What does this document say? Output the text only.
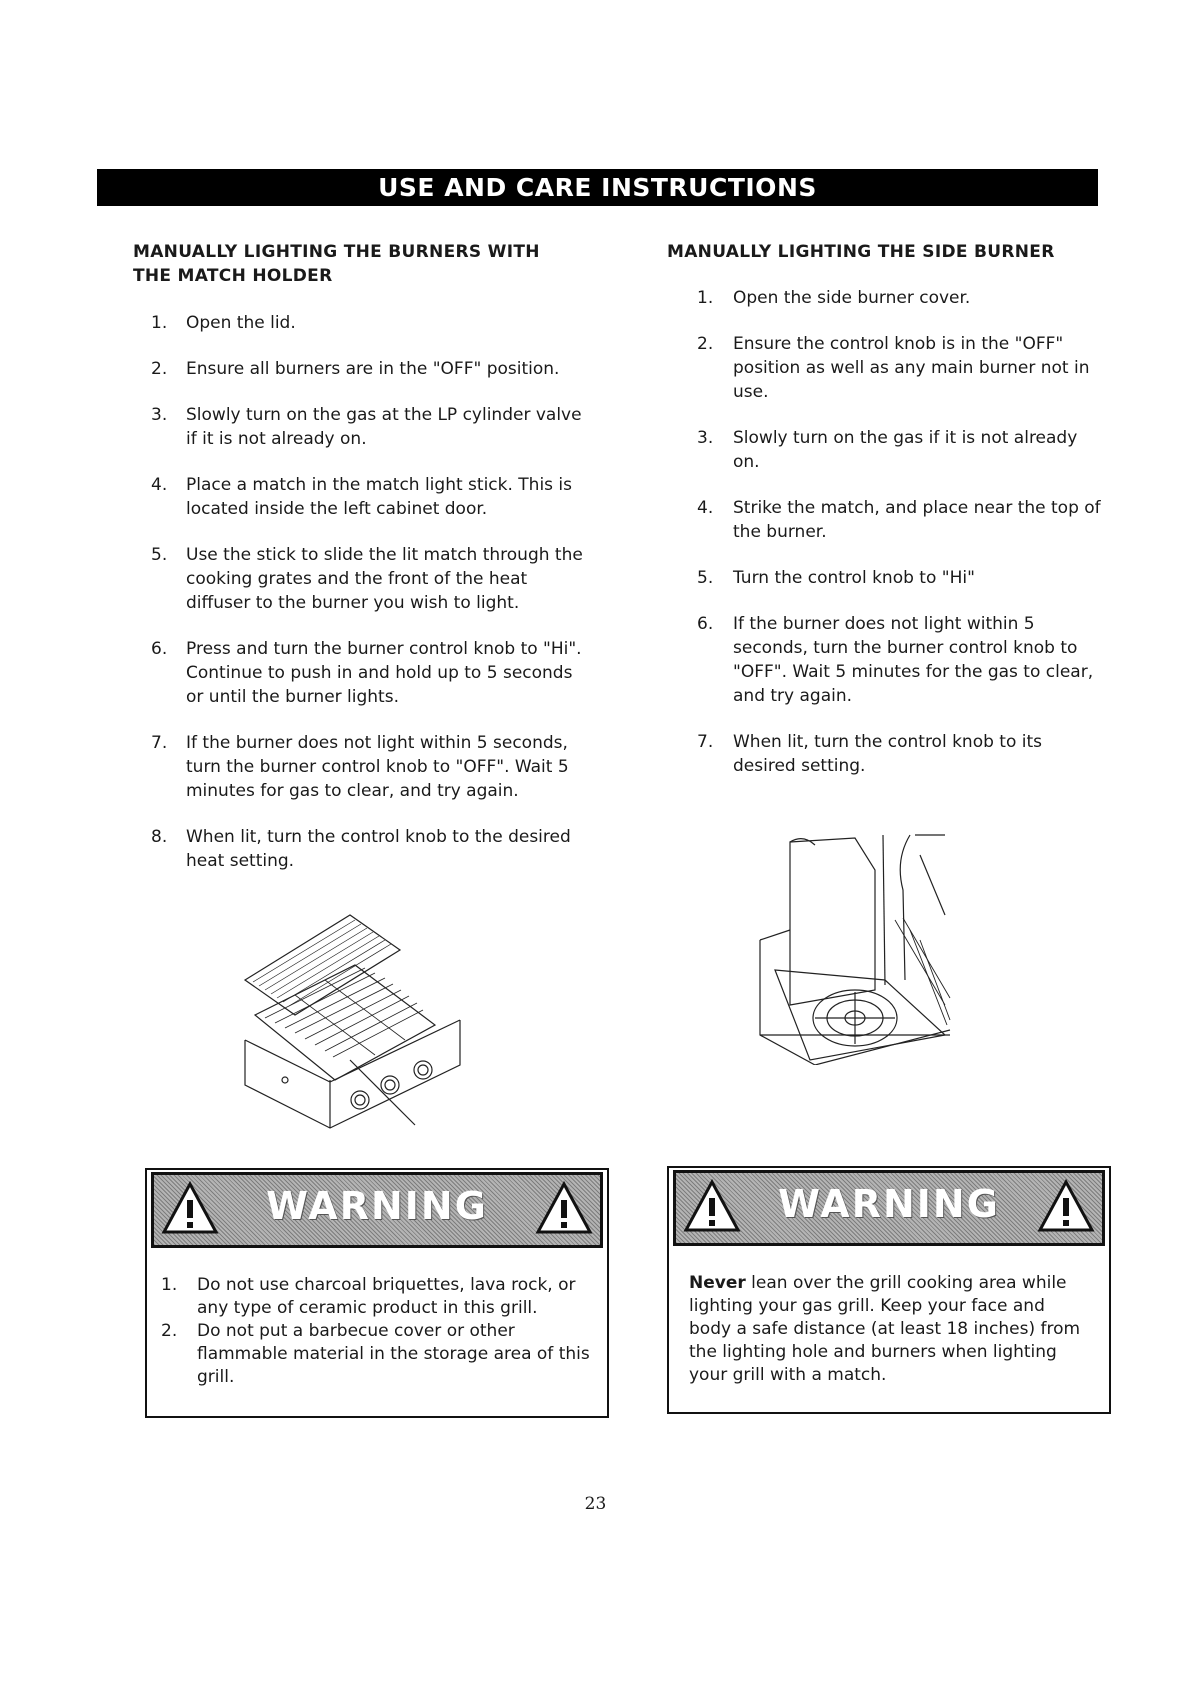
USE AND CARE INSTRUCTIONS
MANUALLY LIGHTING THE BURNERS WITH THE MATCH HOLDER
1. Open the lid.
2. Ensure all burners are in the "OFF" position.
3. Slowly turn on the gas at the LP cylinder valve if it is not already on.
4. Place a match in the match light stick. This is located inside the left cabinet door.
5. Use the stick to slide the lit match through the cooking grates and the front of the heat diffuser to the burner you wish to light.
6. Press and turn the burner control knob to "Hi". Continue to push in and hold up to 5 seconds or until the burner lights.
7. If the burner does not light within 5 seconds, turn the burner control knob to "OFF". Wait 5 minutes for gas to clear, and try again.
8. When lit, turn the control knob to the desired heat setting.
MANUALLY LIGHTING THE SIDE BURNER
1. Open the side burner cover.
2. Ensure the control knob is in the "OFF" position as well as any main burner not in use.
3. Slowly turn on the gas if it is not already on.
4. Strike the match, and place near the top of the burner.
5. Turn the control knob to "Hi"
6. If the burner does not light within 5 seconds, turn the burner control knob to "OFF". Wait 5 minutes for the gas to clear, and try again.
7. When lit, turn the control knob to its desired setting.
WARNING
1. Do not use charcoal briquettes, lava rock, or any type of ceramic product in this grill.
2. Do not put a barbecue cover or other flammable material in the storage area of this grill.
WARNING
Never lean over the grill cooking area while lighting your gas grill. Keep your face and body a safe distance (at least 18 inches) from the lighting hole and burners when lighting your grill with a match.
23
